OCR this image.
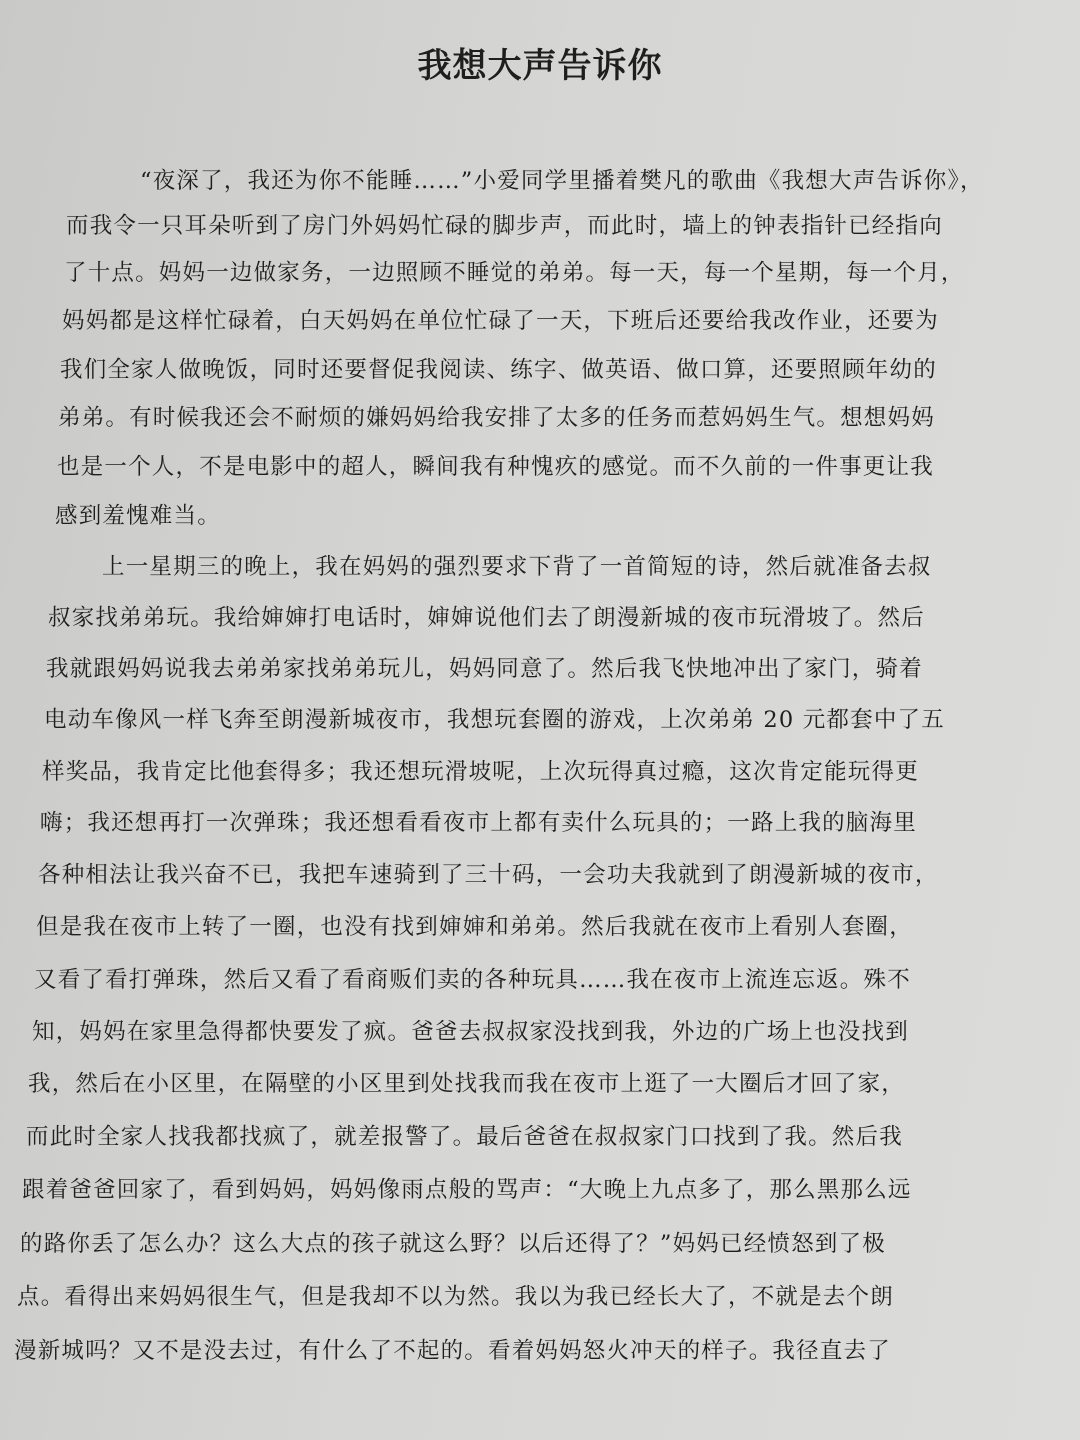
我想大声告诉你
“夜深了，我还为你不能睡……”小爱同学里播着樊凡的歌曲《我想大声告诉你》，
而我令一只耳朵听到了房门外妈妈忙碌的脚步声，而此时，墙上的钟表指针已经指向
了十点。妈妈一边做家务，一边照顾不睡觉的弟弟。每一天，每一个星期，每一个月，
妈妈都是这样忙碌着，白天妈妈在单位忙碌了一天，下班后还要给我改作业，还要为
我们全家人做晚饭，同时还要督促我阅读、练字、做英语、做口算，还要照顾年幼的
弟弟。有时候我还会不耐烦的嫌妈妈给我安排了太多的任务而惹妈妈生气。想想妈妈
也是一个人，不是电影中的超人，瞬间我有种愧疚的感觉。而不久前的一件事更让我
感到羞愧难当。
上一星期三的晚上，我在妈妈的强烈要求下背了一首简短的诗，然后就准备去叔
叔家找弟弟玩。我给婶婶打电话时，婶婶说他们去了朗漫新城的夜市玩滑坡了。然后
我就跟妈妈说我去弟弟家找弟弟玩儿，妈妈同意了。然后我飞快地冲出了家门，骑着
电动车像风一样飞奔至朗漫新城夜市，我想玩套圈的游戏，上次弟弟 20 元都套中了五
样奖品，我肯定比他套得多；我还想玩滑坡呢，上次玩得真过瘾，这次肯定能玩得更
嗨；我还想再打一次弹珠；我还想看看夜市上都有卖什么玩具的；一路上我的脑海里
各种相法让我兴奋不已，我把车速骑到了三十码，一会功夫我就到了朗漫新城的夜市，
但是我在夜市上转了一圈，也没有找到婶婶和弟弟。然后我就在夜市上看别人套圈，
又看了看打弹珠，然后又看了看商贩们卖的各种玩具……我在夜市上流连忘返。殊不
知，妈妈在家里急得都快要发了疯。爸爸去叔叔家没找到我，外边的广场上也没找到
我，然后在小区里，在隔壁的小区里到处找我而我在夜市上逛了一大圈后才回了家，
而此时全家人找我都找疯了，就差报警了。最后爸爸在叔叔家门口找到了我。然后我
跟着爸爸回家了，看到妈妈，妈妈像雨点般的骂声：“大晚上九点多了，那么黑那么远
的路你丢了怎么办？这么大点的孩子就这么野？以后还得了？”妈妈已经愤怒到了极
点。看得出来妈妈很生气，但是我却不以为然。我以为我已经长大了，不就是去个朗
漫新城吗？又不是没去过，有什么了不起的。看着妈妈怒火冲天的样子。我径直去了
